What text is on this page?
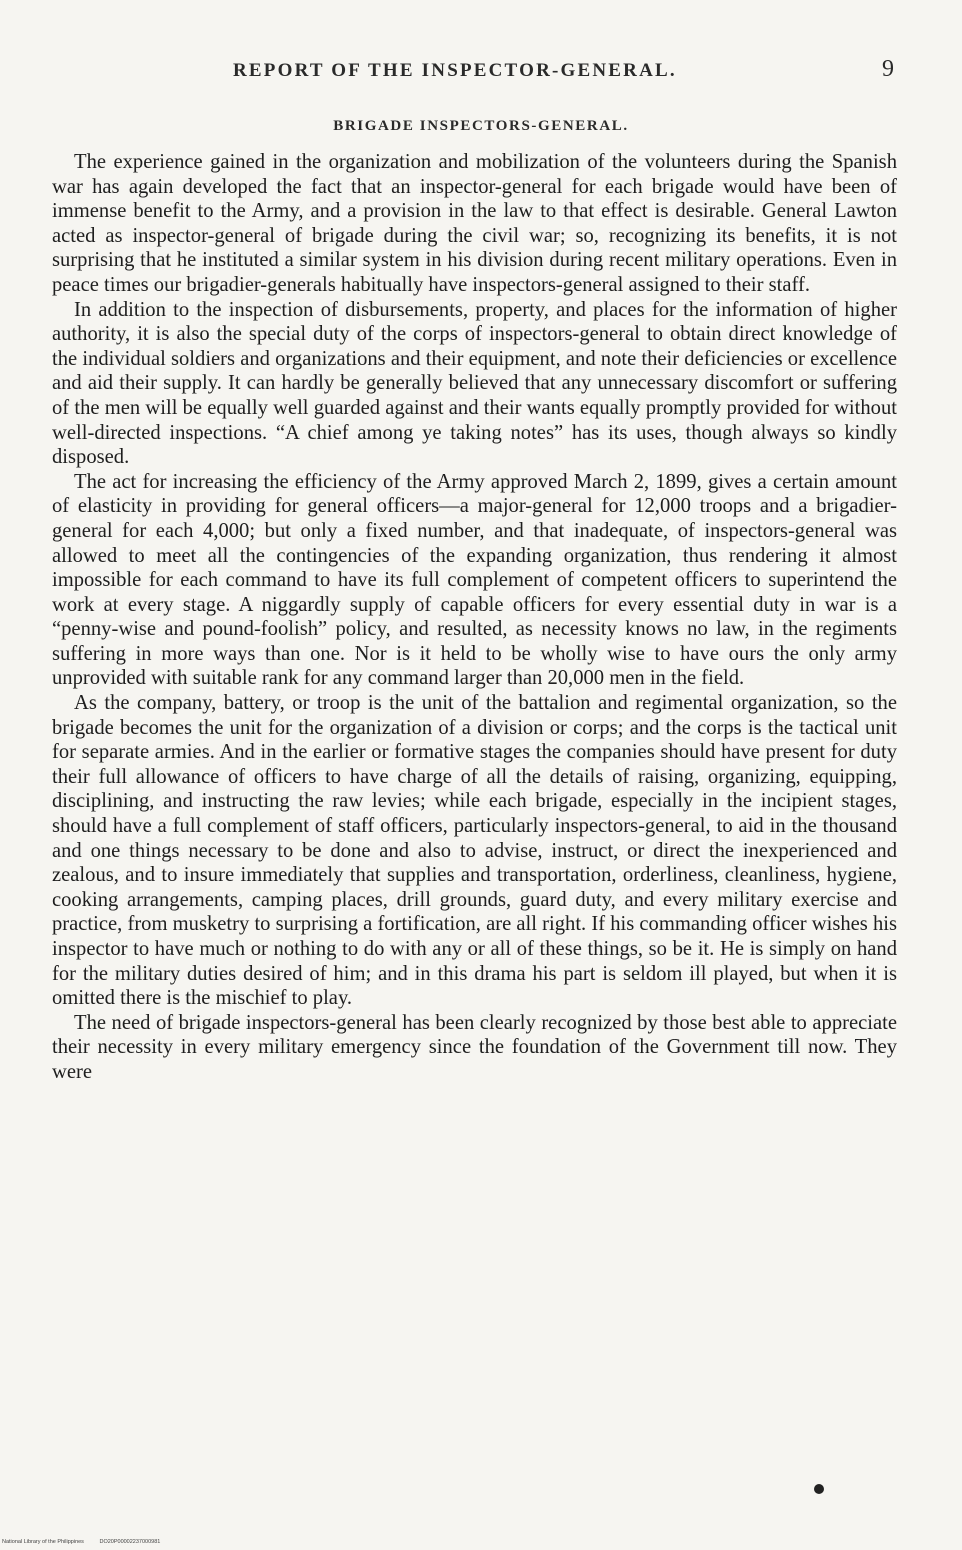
REPORT OF THE INSPECTOR-GENERAL.	9
BRIGADE INSPECTORS-GENERAL.

The experience gained in the organization and mobilization of the volunteers during the Spanish war has again developed the fact that an inspector-general for each brigade would have been of immense benefit to the Army, and a provision in the law to that effect is desirable. General Lawton acted as inspector-general of brigade during the civil war; so, recognizing its benefits, it is not surprising that he instituted a similar system in his division during recent military operations. Even in peace times our brigadier-generals habitually have inspectors-general assigned to their staff.

In addition to the inspection of disbursements, property, and places for the information of higher authority, it is also the special duty of the corps of inspectors-general to obtain direct knowledge of the individual soldiers and organizations and their equipment, and note their deficiencies or excellence and aid their supply. It can hardly be generally believed that any unnecessary discomfort or suffering of the men will be equally well guarded against and their wants equally promptly provided for without well-directed inspections. “A chief among ye taking notes” has its uses, though always so kindly disposed.

The act for increasing the efficiency of the Army approved March 2, 1899, gives a certain amount of elasticity in providing for general officers—a major-general for 12,000 troops and a brigadier-general for each 4,000; but only a fixed number, and that inadequate, of inspectors-general was allowed to meet all the contingencies of the expanding organization, thus rendering it almost impossible for each command to have its full complement of competent officers to superintend the work at every stage. A niggardly supply of capable officers for every essential duty in war is a “penny-wise and pound-foolish” policy, and resulted, as necessity knows no law, in the regiments suffering in more ways than one. Nor is it held to be wholly wise to have ours the only army unprovided with suitable rank for any command larger than 20,000 men in the field.

As the company, battery, or troop is the unit of the battalion and regimental organization, so the brigade becomes the unit for the organization of a division or corps; and the corps is the tactical unit for separate armies. And in the earlier or formative stages the companies should have present for duty their full allowance of officers to have charge of all the details of raising, organizing, equipping, disciplining, and instructing the raw levies; while each brigade, especially in the incipient stages, should have a full complement of staff officers, particularly inspectors-general, to aid in the thousand and one things necessary to be done and also to advise, instruct, or direct the inexperienced and zealous, and to insure immediately that supplies and transportation, orderliness, cleanliness, hygiene, cooking arrangements, camping places, drill grounds, guard duty, and every military exercise and practice, from musketry to surprising a fortification, are all right. If his commanding officer wishes his inspector to have much or nothing to do with any or all of these things, so be it. He is simply on hand for the military duties desired of him; and in this drama his part is seldom ill played, but when it is omitted there is the mischief to play.

The need of brigade inspectors-general has been clearly recognized by those best able to appreciate their necessity in every military emergency since the foundation of the Government till now. They were

National Library of the Philippines	DO20P00002237000981
